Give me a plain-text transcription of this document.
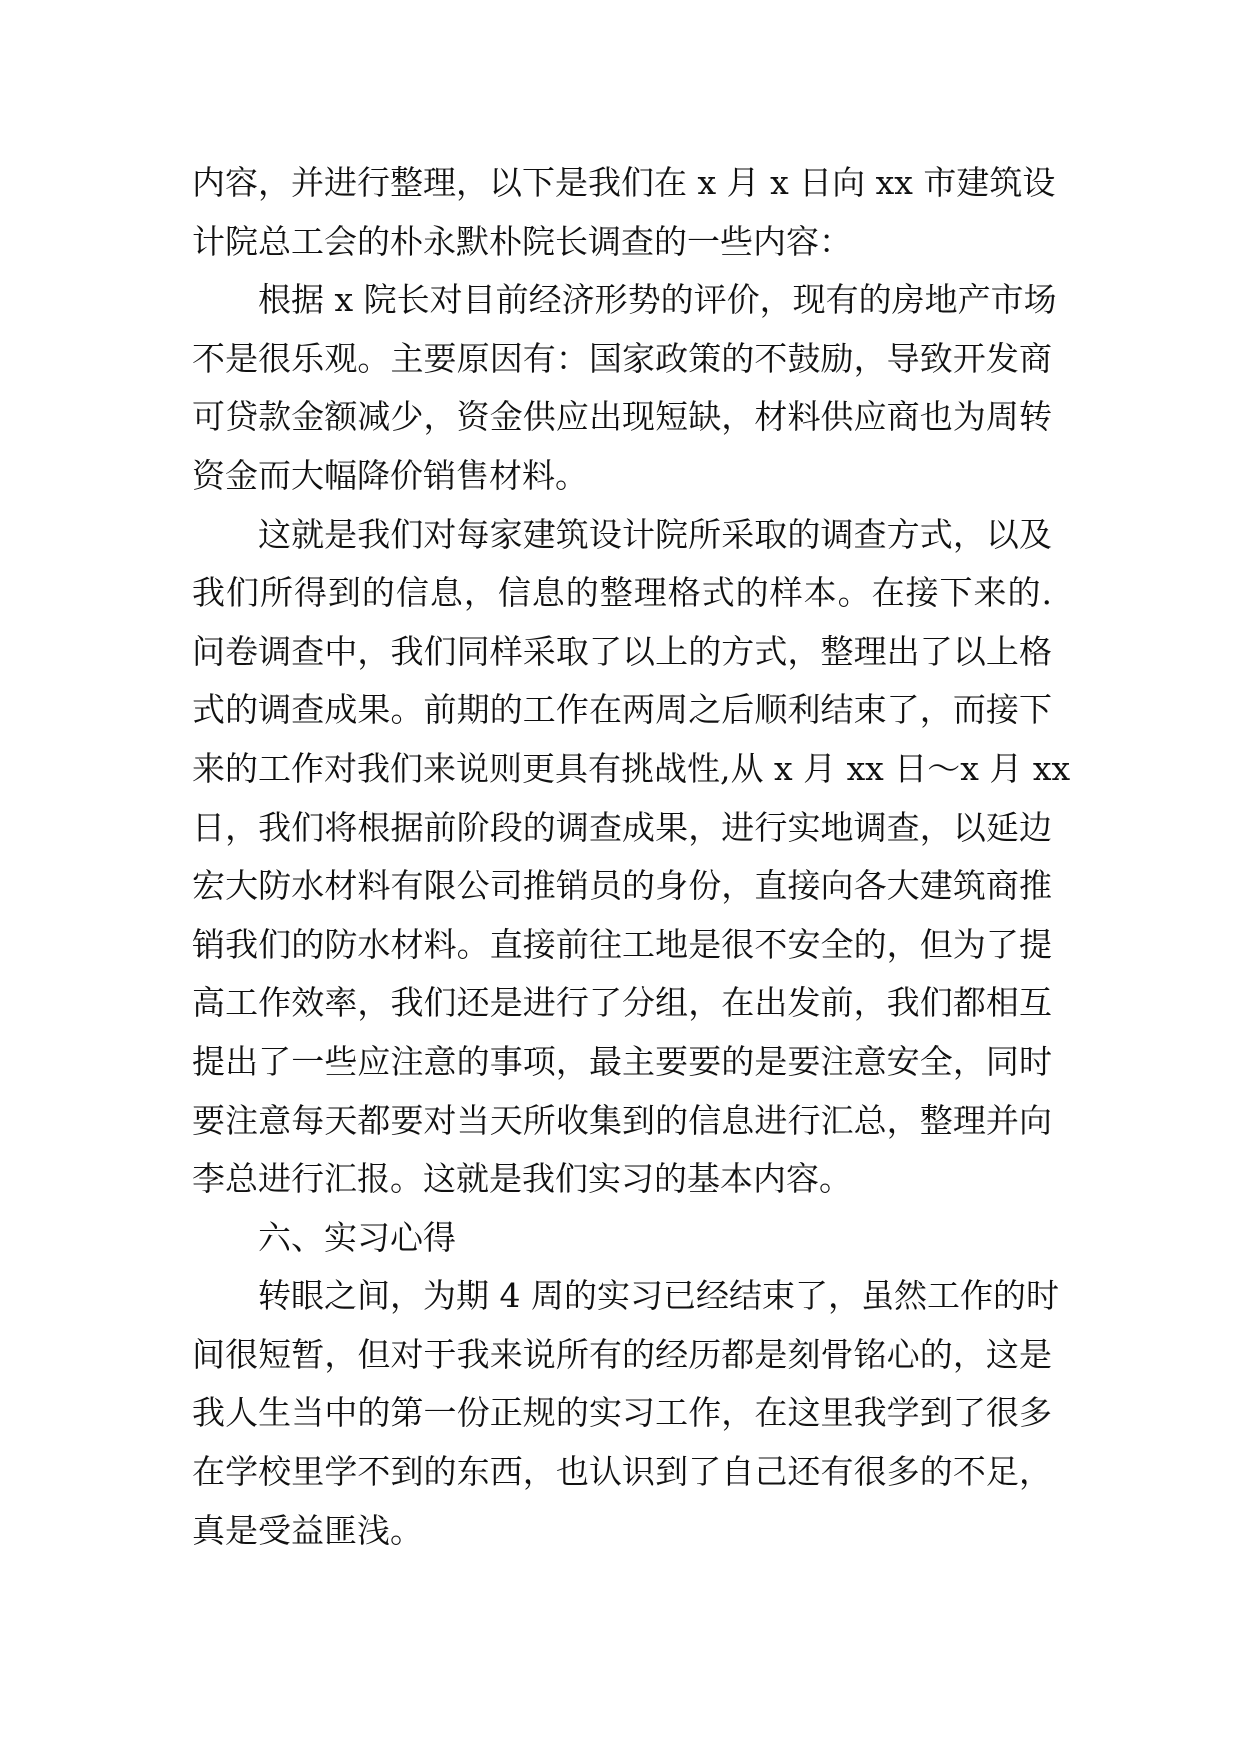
内容，并进行整理，以下是我们在 x 月 x 日向 xx 市建筑设
计院总工会的朴永默朴院长调查的一些内容：
根据 x 院长对目前经济形势的评价，现有的房地产市场
不是很乐观。主要原因有：国家政策的不鼓励，导致开发商
可贷款金额减少，资金供应出现短缺，材料供应商也为周转
资金而大幅降价销售材料。
这就是我们对每家建筑设计院所采取的调查方式，以及
我们所得到的信息，信息的整理格式的样本。在接下来的.
问卷调查中，我们同样采取了以上的方式，整理出了以上格
式的调查成果。前期的工作在两周之后顺利结束了，而接下
来的工作对我们来说则更具有挑战性,从 x 月 xx 日～x 月 xx
日，我们将根据前阶段的调查成果，进行实地调查，以延边
宏大防水材料有限公司推销员的身份，直接向各大建筑商推
销我们的防水材料。直接前往工地是很不安全的，但为了提
高工作效率，我们还是进行了分组，在出发前，我们都相互
提出了一些应注意的事项，最主要要的是要注意安全，同时
要注意每天都要对当天所收集到的信息进行汇总，整理并向
李总进行汇报。这就是我们实习的基本内容。
六、实习心得
转眼之间，为期 4 周的实习已经结束了，虽然工作的时
间很短暂，但对于我来说所有的经历都是刻骨铭心的，这是
我人生当中的第一份正规的实习工作，在这里我学到了很多
在学校里学不到的东西，也认识到了自己还有很多的不足，
真是受益匪浅。
